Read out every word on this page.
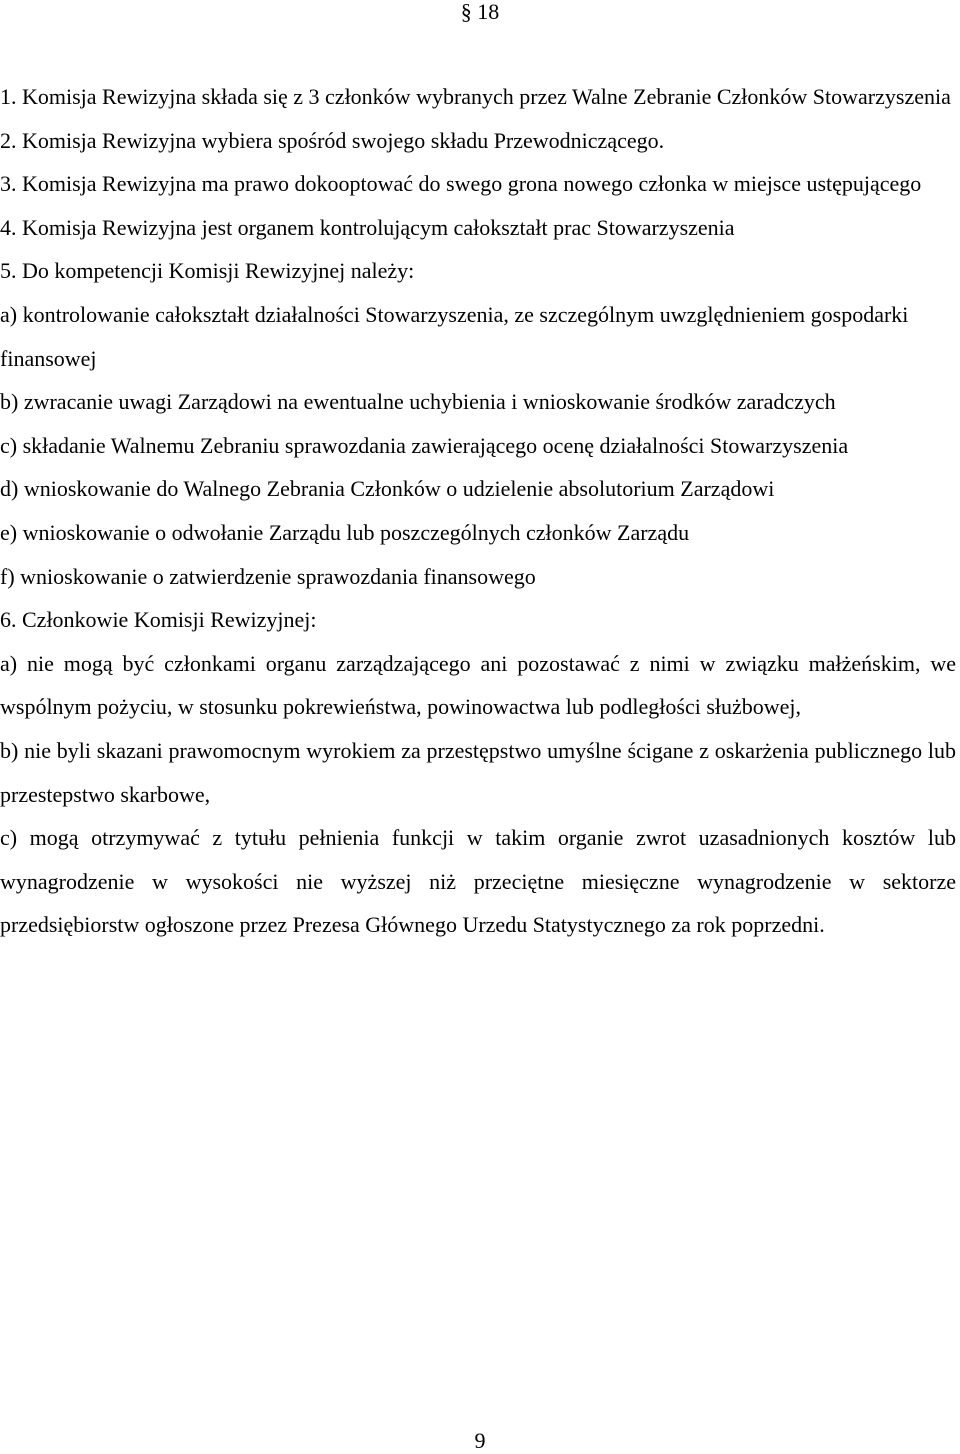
§ 18

1. Komisja Rewizyjna składa się z 3 członków wybranych przez Walne Zebranie Członków Stowarzyszenia

2. Komisja Rewizyjna wybiera spośród swojego składu Przewodniczącego.

3. Komisja Rewizyjna ma prawo dokooptować do swego grona nowego członka w miejsce ustępującego

4. Komisja Rewizyjna jest organem kontrolującym całokształt prac Stowarzyszenia

5. Do kompetencji Komisji Rewizyjnej należy:

a) kontrolowanie całokształt działalności Stowarzyszenia, ze szczególnym uwzględnieniem gospodarki finansowej

b) zwracanie uwagi Zarządowi na ewentualne uchybienia i wnioskowanie środków zaradczych

c) składanie Walnemu Zebraniu sprawozdania zawierającego ocenę działalności Stowarzyszenia

d) wnioskowanie do Walnego Zebrania Członków o udzielenie absolutorium Zarządowi

e) wnioskowanie o odwołanie Zarządu lub poszczególnych członków Zarządu

f) wnioskowanie o zatwierdzenie sprawozdania finansowego

6. Członkowie Komisji Rewizyjnej:

a) nie mogą być członkami organu zarządzającego ani pozostawać z nimi w związku małżeńskim, we wspólnym pożyciu, w stosunku pokrewieństwa, powinowactwa lub podległości służbowej,

b) nie byli skazani prawomocnym wyrokiem za przestępstwo umyślne ścigane z oskarżenia publicznego lub przestepstwo skarbowe,

c) mogą otrzymywać z tytułu pełnienia funkcji w takim organie zwrot uzasadnionych kosztów lub wynagrodzenie w wysokości nie wyższej niż przeciętne miesięczne wynagrodzenie w sektorze przedsiębiorstw ogłoszone przez Prezesa Głównego Urzedu Statystycznego za rok poprzedni.

9
